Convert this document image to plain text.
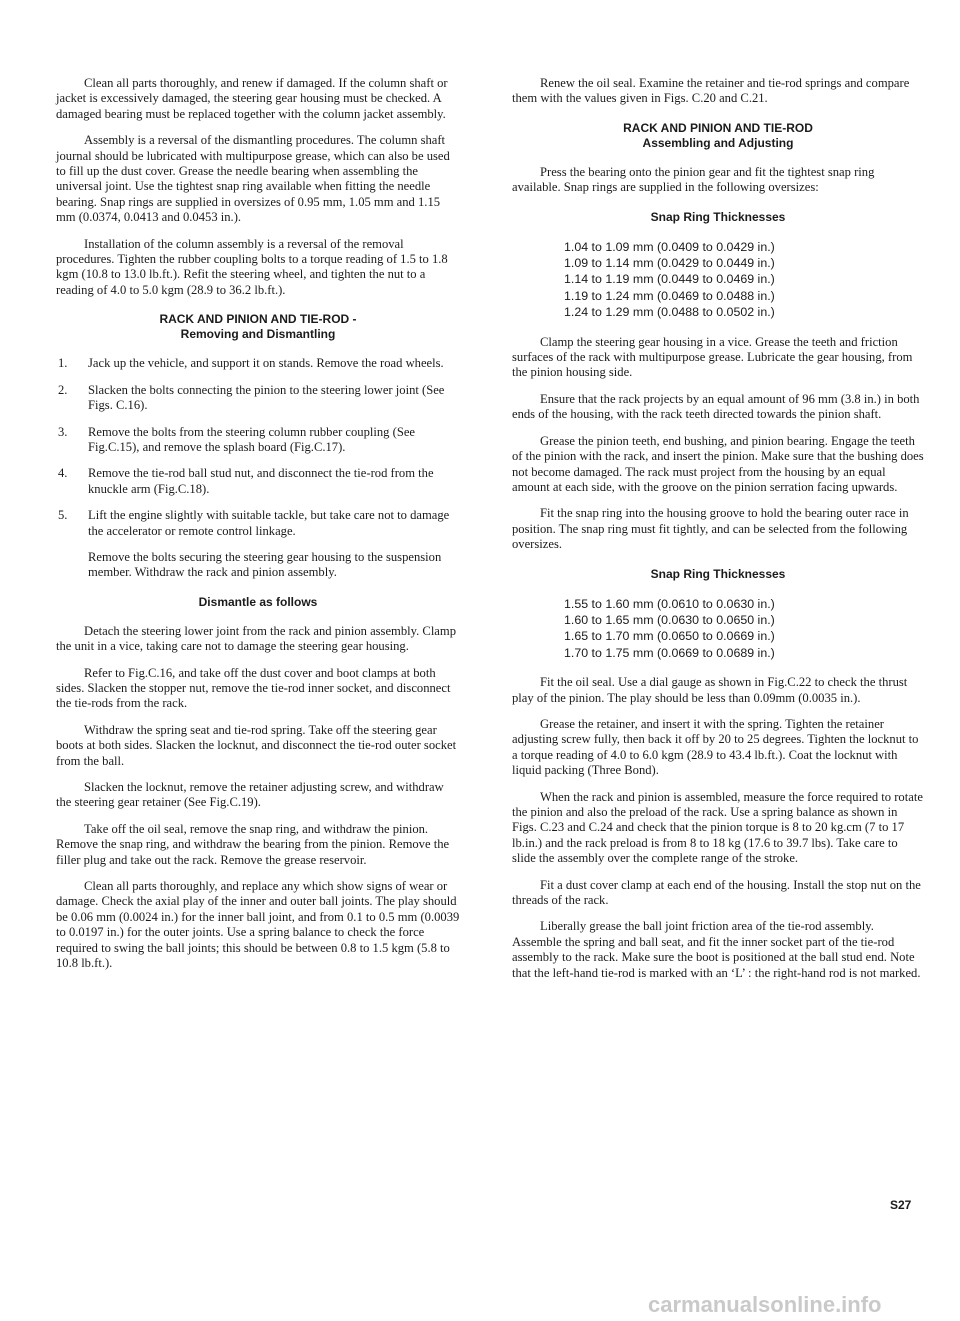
Clean all parts thoroughly, and renew if damaged. If the column shaft or jacket is excessively damaged, the steering gear housing must be checked. A damaged bearing must be replaced together with the column jacket assembly.

Assembly is a reversal of the dismantling procedures. The column shaft journal should be lubricated with multipurpose grease, which can also be used to fill up the dust cover. Grease the needle bearing when assembling the universal joint. Use the tightest snap ring available when fitting the needle bearing. Snap rings are supplied in oversizes of 0.95 mm, 1.05 mm and 1.15 mm (0.0374, 0.0413 and 0.0453 in.).

Installation of the column assembly is a reversal of the removal procedures. Tighten the rubber coupling bolts to a torque reading of 1.5 to 1.8 kgm (10.8 to 13.0 lb.ft.). Refit the steering wheel, and tighten the nut to a reading of 4.0 to 5.0 kgm (28.9 to 36.2 lb.ft.).

RACK AND PINION AND TIE-ROD -
Removing and Dismantling
1. Jack up the vehicle, and support it on stands. Remove the road wheels.
2. Slacken the bolts connecting the pinion to the steering lower joint (See Figs. C.16).
3. Remove the bolts from the steering column rubber coupling (See Fig.C.15), and remove the splash board (Fig.C.17).
4. Remove the tie-rod ball stud nut, and disconnect the tie-rod from the knuckle arm (Fig.C.18).
5. Lift the engine slightly with suitable tackle, but take care not to damage the accelerator or remote control linkage.

Remove the bolts securing the steering gear housing to the suspension member. Withdraw the rack and pinion assembly.

Dismantle as follows

Detach the steering lower joint from the rack and pinion assembly. Clamp the unit in a vice, taking care not to damage the steering gear housing.

Refer to Fig.C.16, and take off the dust cover and boot clamps at both sides. Slacken the stopper nut, remove the tie-rod inner socket, and disconnect the tie-rods from the rack.

Withdraw the spring seat and tie-rod spring. Take off the steering gear boots at both sides. Slacken the locknut, and disconnect the tie-rod outer socket from the ball.

Slacken the locknut, remove the retainer adjusting screw, and withdraw the steering gear retainer (See Fig.C.19).

Take off the oil seal, remove the snap ring, and withdraw the pinion. Remove the snap ring, and withdraw the bearing from the pinion. Remove the filler plug and take out the rack. Remove the grease reservoir.

Clean all parts thoroughly, and replace any which show signs of wear or damage. Check the axial play of the inner and outer ball joints. The play should be 0.06 mm (0.0024 in.) for the inner ball joint, and from 0.1 to 0.5 mm (0.0039 to 0.0197 in.) for the outer joints. Use a spring balance to check the force required to swing the ball joints; this should be between 0.8 to 1.5 kgm (5.8 to 10.8 lb.ft.).

Renew the oil seal. Examine the retainer and tie-rod springs and compare them with the values given in Figs. C.20 and C.21.

RACK AND PINION AND TIE-ROD
Assembling and Adjusting

Press the bearing onto the pinion gear and fit the tightest snap ring available. Snap rings are supplied in the following oversizes:

Snap Ring Thicknesses
1.04 to 1.09 mm (0.0409 to 0.0429 in.)
1.09 to 1.14 mm (0.0429 to 0.0449 in.)
1.14 to 1.19 mm (0.0449 to 0.0469 in.)
1.19 to 1.24 mm (0.0469 to 0.0488 in.)
1.24 to 1.29 mm (0.0488 to 0.0502 in.)

Clamp the steering gear housing in a vice. Grease the teeth and friction surfaces of the rack with multipurpose grease. Lubricate the gear housing, from the pinion housing side.

Ensure that the rack projects by an equal amount of 96 mm (3.8 in.) in both ends of the housing, with the rack teeth directed towards the pinion shaft.

Grease the pinion teeth, end bushing, and pinion bearing. Engage the teeth of the pinion with the rack, and insert the pinion. Make sure that the bushing does not become damaged. The rack must project from the housing by an equal amount at each side, with the groove on the pinion serration facing upwards.

Fit the snap ring into the housing groove to hold the bearing outer race in position. The snap ring must fit tightly, and can be selected from the following oversizes.

Snap Ring Thicknesses
1.55 to 1.60 mm (0.0610 to 0.0630 in.)
1.60 to 1.65 mm (0.0630 to 0.0650 in.)
1.65 to 1.70 mm (0.0650 to 0.0669 in.)
1.70 to 1.75 mm (0.0669 to 0.0689 in.)

Fit the oil seal. Use a dial gauge as shown in Fig.C.22 to check the thrust play of the pinion. The play should be less than 0.09mm (0.0035 in.).

Grease the retainer, and insert it with the spring. Tighten the retainer adjusting screw fully, then back it off by 20 to 25 degrees. Tighten the locknut to a torque reading of 4.0 to 6.0 kgm (28.9 to 43.4 lb.ft.). Coat the locknut with liquid packing (Three Bond).

When the rack and pinion is assembled, measure the force required to rotate the pinion and also the preload of the rack. Use a spring balance as shown in Figs. C.23 and C.24 and check that the pinion torque is 8 to 20 kg.cm (7 to 17 lb.in.) and the rack preload is from 8 to 18 kg (17.6 to 39.7 lbs). Take care to slide the assembly over the complete range of the stroke.

Fit a dust cover clamp at each end of the housing. Install the stop nut on the threads of the rack.

Liberally grease the ball joint friction area of the tie-rod assembly. Assemble the spring and ball seat, and fit the inner socket part of the tie-rod assembly to the rack. Make sure the boot is positioned at the ball stud end. Note that the left-hand tie-rod is marked with an ‘L’ : the right-hand rod is not marked.

S27
carmanualsonline.info
